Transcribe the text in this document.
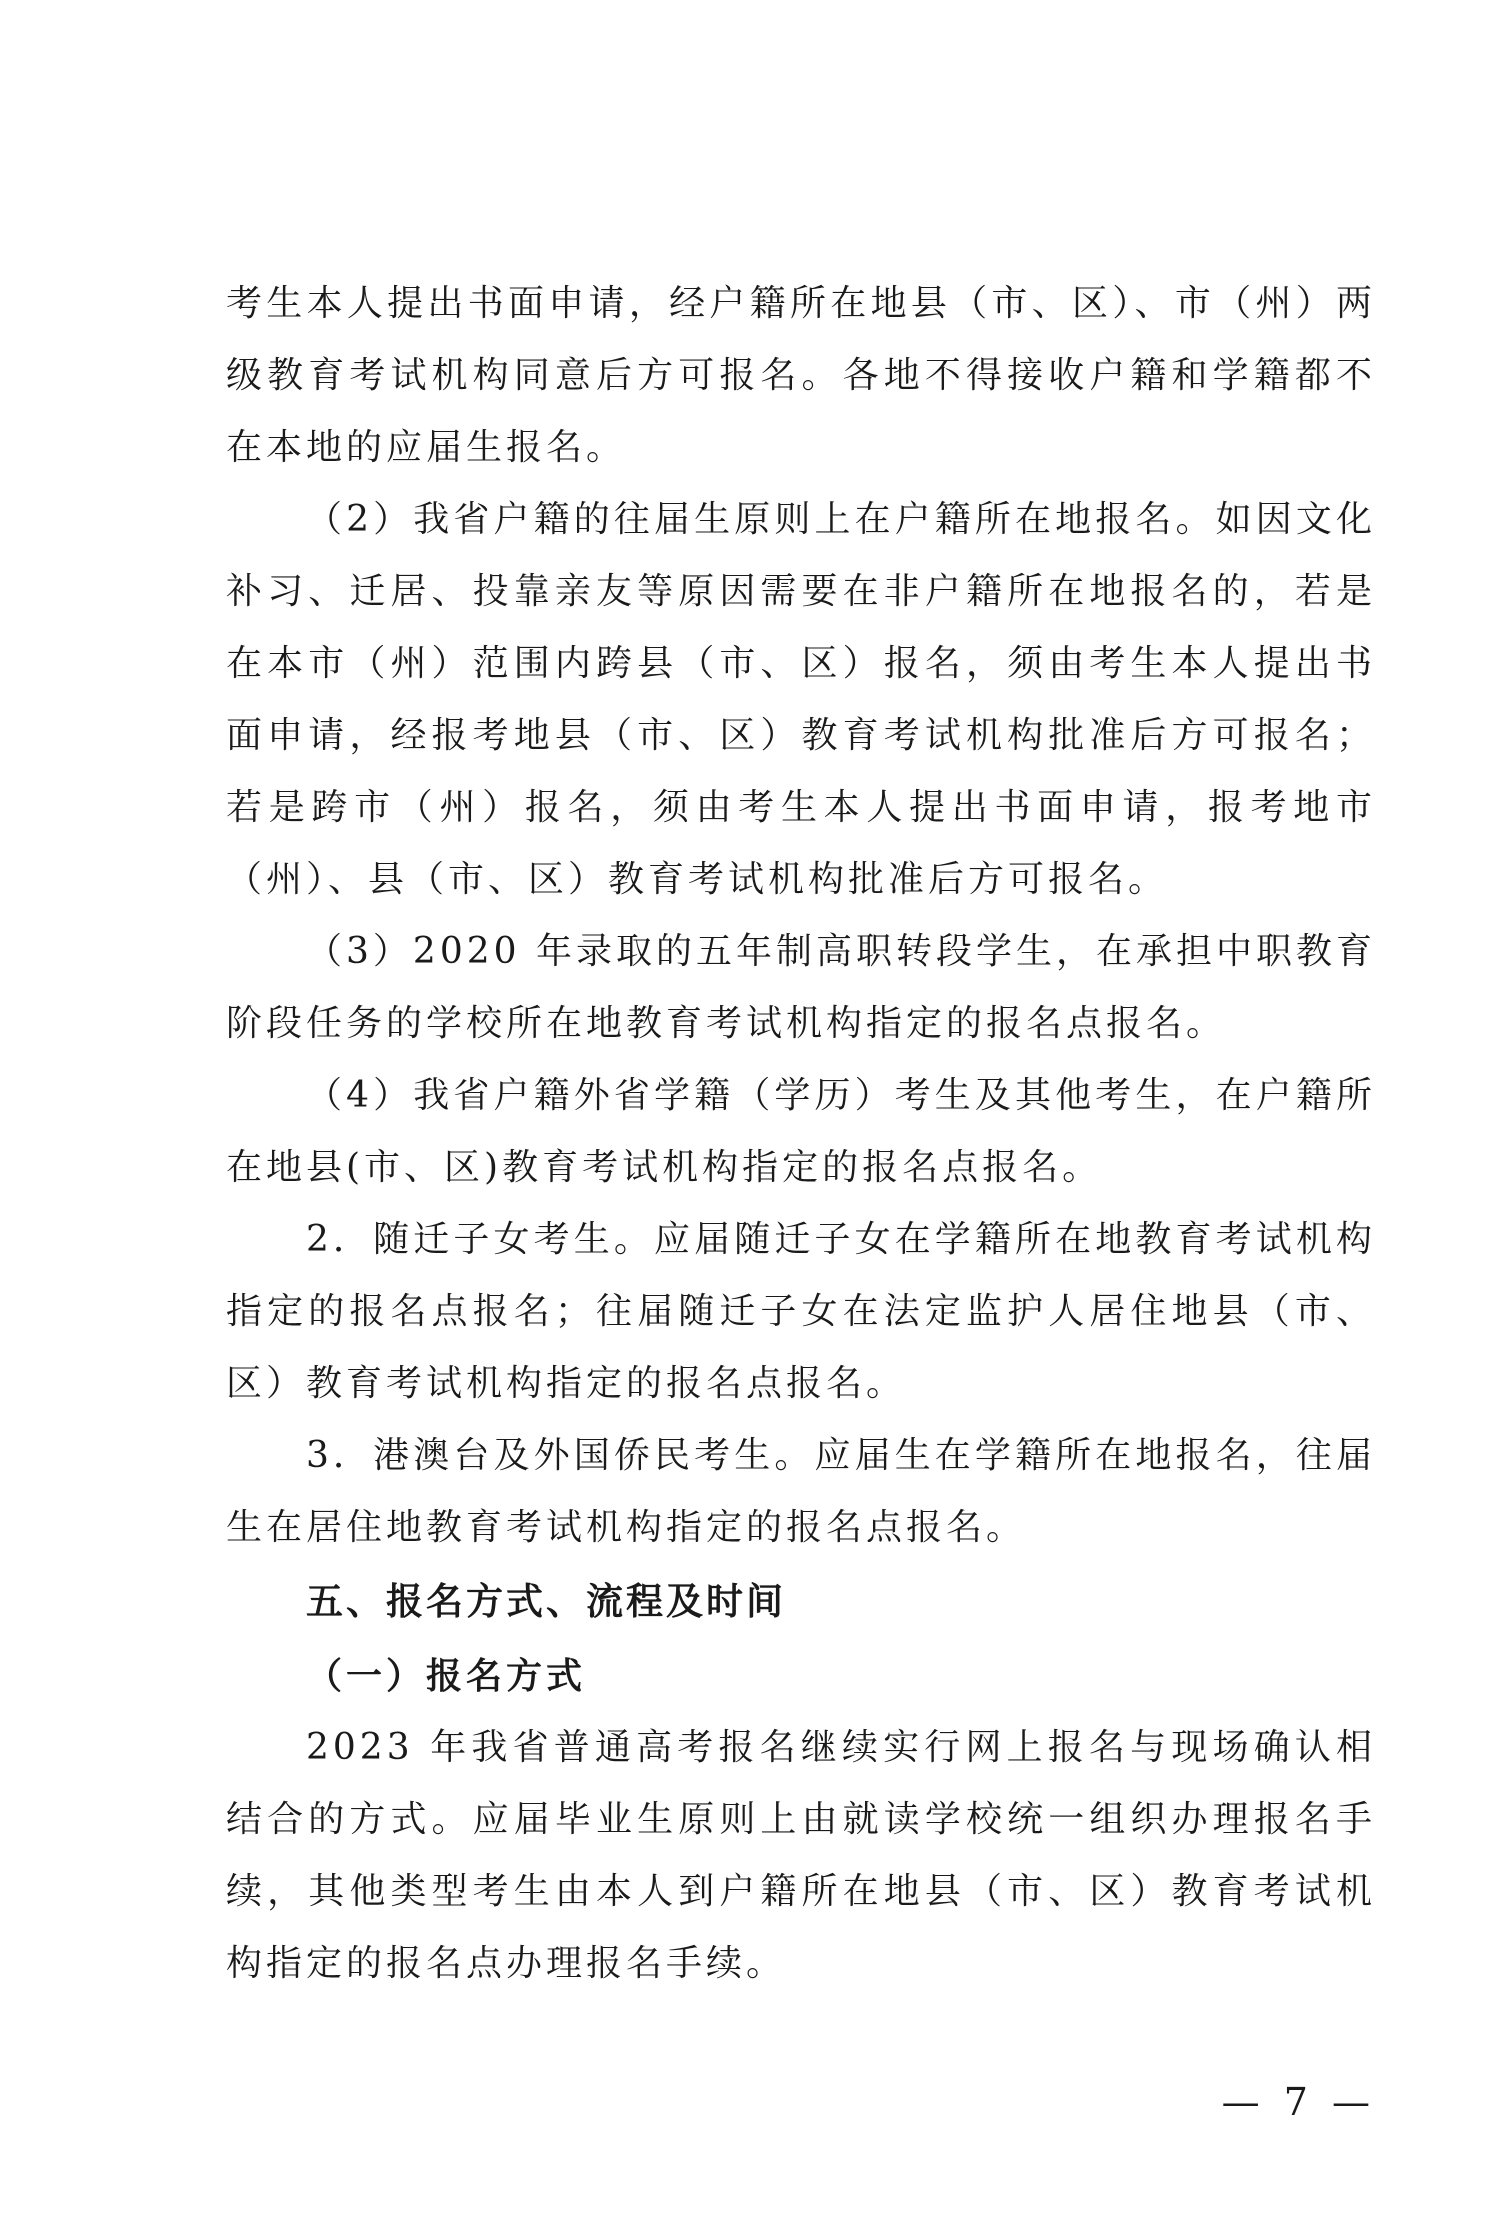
考生本人提出书面申请，经户籍所在地县（市、区）、市（州）两级教育考试机构同意后方可报名。各地不得接收户籍和学籍都不在本地的应届生报名。

（2）我省户籍的往届生原则上在户籍所在地报名。如因文化补习、迁居、投靠亲友等原因需要在非户籍所在地报名的，若是在本市（州）范围内跨县（市、区）报名，须由考生本人提出书面申请，经报考地县（市、区）教育考试机构批准后方可报名；若是跨市（州）报名，须由考生本人提出书面申请，报考地市（州）、县（市、区）教育考试机构批准后方可报名。

（3）2020 年录取的五年制高职转段学生，在承担中职教育阶段任务的学校所在地教育考试机构指定的报名点报名。

（4）我省户籍外省学籍（学历）考生及其他考生，在户籍所在地县(市、区)教育考试机构指定的报名点报名。

2．随迁子女考生。应届随迁子女在学籍所在地教育考试机构指定的报名点报名；往届随迁子女在法定监护人居住地县（市、区）教育考试机构指定的报名点报名。

3．港澳台及外国侨民考生。应届生在学籍所在地报名，往届生在居住地教育考试机构指定的报名点报名。

五、报名方式、流程及时间

（一）报名方式

2023 年我省普通高考报名继续实行网上报名与现场确认相结合的方式。应届毕业生原则上由就读学校统一组织办理报名手续，其他类型考生由本人到户籍所在地县（市、区）教育考试机构指定的报名点办理报名手续。

— 7 —
